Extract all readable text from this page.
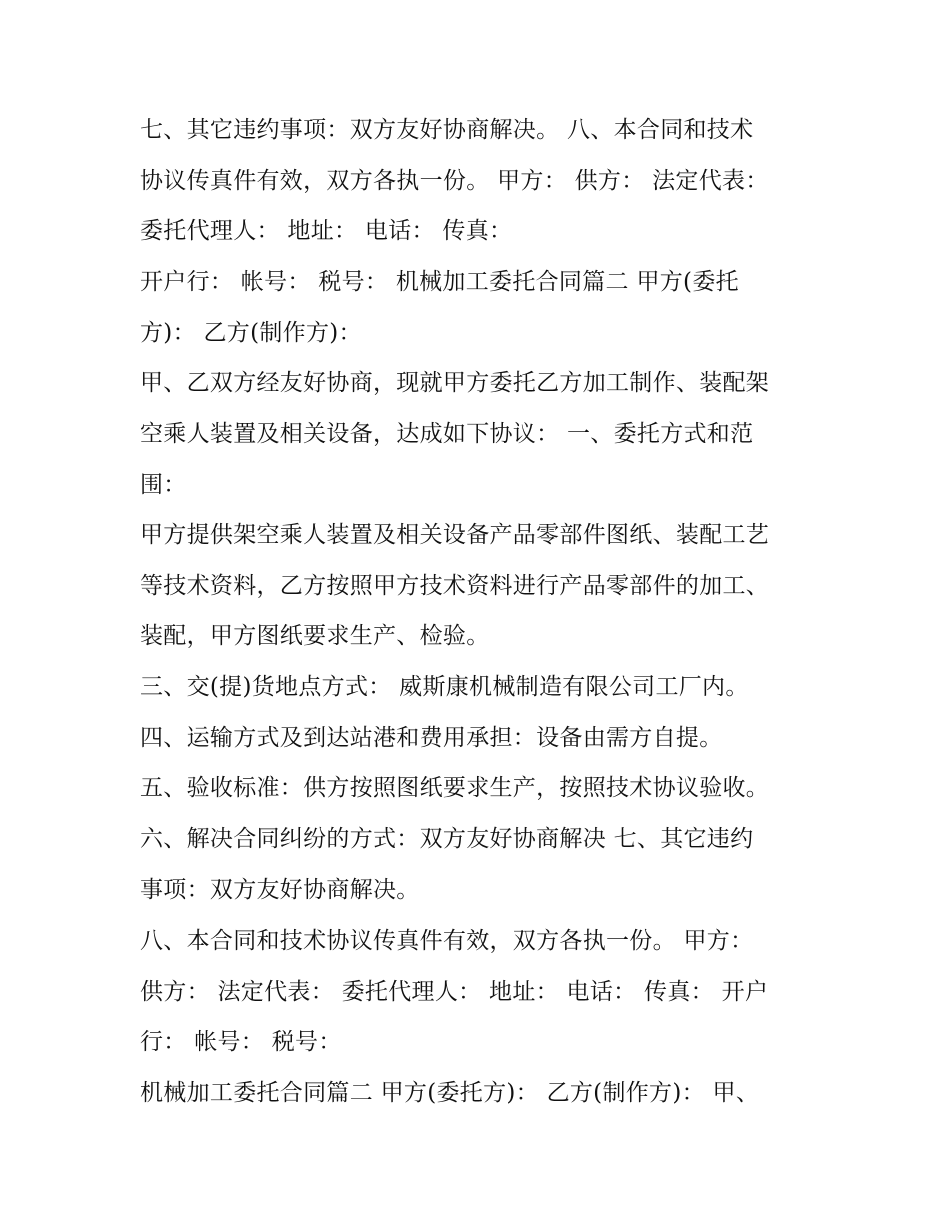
七、其它违约事项：双方友好协商解决。 八、本合同和技术
协议传真件有效，双方各执一份。 甲方： 供方： 法定代表：
委托代理人： 地址： 电话： 传真：
开户行： 帐号： 税号： 机械加工委托合同篇二 甲方(委托
方)： 乙方(制作方)：
甲、乙双方经友好协商，现就甲方委托乙方加工制作、装配架
空乘人装置及相关设备，达成如下协议： 一、委托方式和范
围：
甲方提供架空乘人装置及相关设备产品零部件图纸、装配工艺
等技术资料，乙方按照甲方技术资料进行产品零部件的加工、
装配，甲方图纸要求生产、检验。
三、交(提)货地点方式： 威斯康机械制造有限公司工厂内。
四、运输方式及到达站港和费用承担：设备由需方自提。
五、验收标准：供方按照图纸要求生产，按照技术协议验收。
六、解决合同纠纷的方式：双方友好协商解决 七、其它违约
事项：双方友好协商解决。
八、本合同和技术协议传真件有效，双方各执一份。 甲方：
供方： 法定代表： 委托代理人： 地址： 电话： 传真： 开户
行： 帐号： 税号：
机械加工委托合同篇二 甲方(委托方)： 乙方(制作方)： 甲、
